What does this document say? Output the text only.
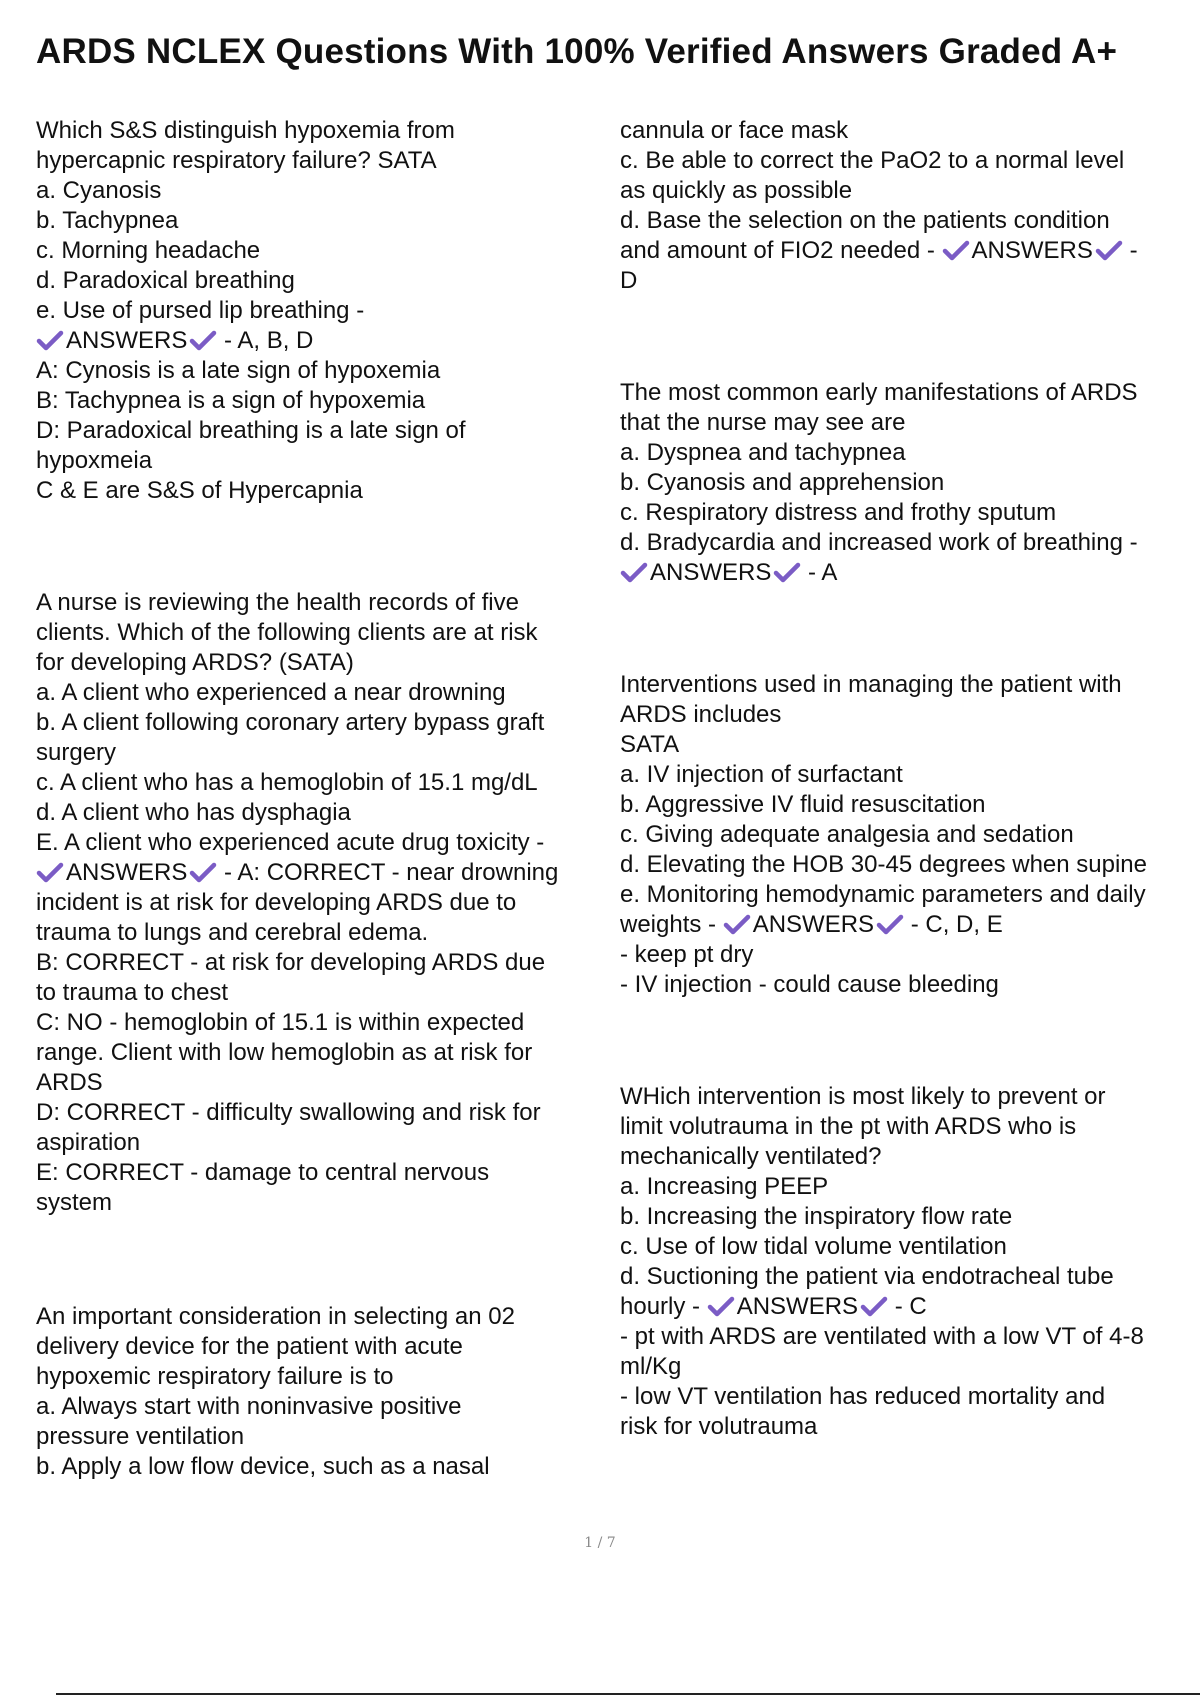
ARDS NCLEX Questions With 100% Verified Answers Graded A+

Which S&S distinguish hypoxemia from

hypercapnic respiratory failure? SATA

a. Cyanosis

b. Tachypnea

c. Morning headache

d. Paradoxical breathing

e. Use of pursed lip breathing -

ANSWERS - A, B, D

A: Cynosis is a late sign of hypoxemia

B: Tachypnea is a sign of hypoxemia

D: Paradoxical breathing is a late sign of

hypoxmeia

C & E are S&S of Hypercapnia

A nurse is reviewing the health records of five

clients. Which of the following clients are at risk

for developing ARDS? (SATA)

a. A client who experienced a near drowning

b. A client following coronary artery bypass graft

surgery

c. A client who has a hemoglobin of 15.1 mg/dL

d. A client who has dysphagia

E. A client who experienced acute drug toxicity -

ANSWERS - A: CORRECT - near drowning

incident is at risk for developing ARDS due to

trauma to lungs and cerebral edema.

B: CORRECT - at risk for developing ARDS due

to trauma to chest

C: NO - hemoglobin of 15.1 is within expected

range. Client with low hemoglobin as at risk for

ARDS

D: CORRECT - difficulty swallowing and risk for

aspiration

E: CORRECT - damage to central nervous

system

An important consideration in selecting an 02

delivery device for the patient with acute

hypoxemic respiratory failure is to

a. Always start with noninvasive positive

pressure ventilation

b. Apply a low flow device, such as a nasal

cannula or face mask

c. Be able to correct the PaO2 to a normal level

as quickly as possible

d. Base the selection on the patients condition

and amount of FIO2 needed - ANSWERS -

D

The most common early manifestations of ARDS

that the nurse may see are

a. Dyspnea and tachypnea

b. Cyanosis and apprehension

c. Respiratory distress and frothy sputum

d. Bradycardia and increased work of breathing -

ANSWERS - A

Interventions used in managing the patient with

ARDS includes

SATA

a. IV injection of surfactant

b. Aggressive IV fluid resuscitation

c. Giving adequate analgesia and sedation

d. Elevating the HOB 30-45 degrees when supine

e. Monitoring hemodynamic parameters and daily

weights - ANSWERS - C, D, E

- keep pt dry

- IV injection - could cause bleeding

WHich intervention is most likely to prevent or

limit volutrauma in the pt with ARDS who is

mechanically ventilated?

a. Increasing PEEP

b. Increasing the inspiratory flow rate

c. Use of low tidal volume ventilation

d. Suctioning the patient via endotracheal tube

hourly - ANSWERS - C

- pt with ARDS are ventilated with a low VT of 4-8

ml/Kg

- low VT ventilation has reduced mortality and

risk for volutrauma

1 / 7
